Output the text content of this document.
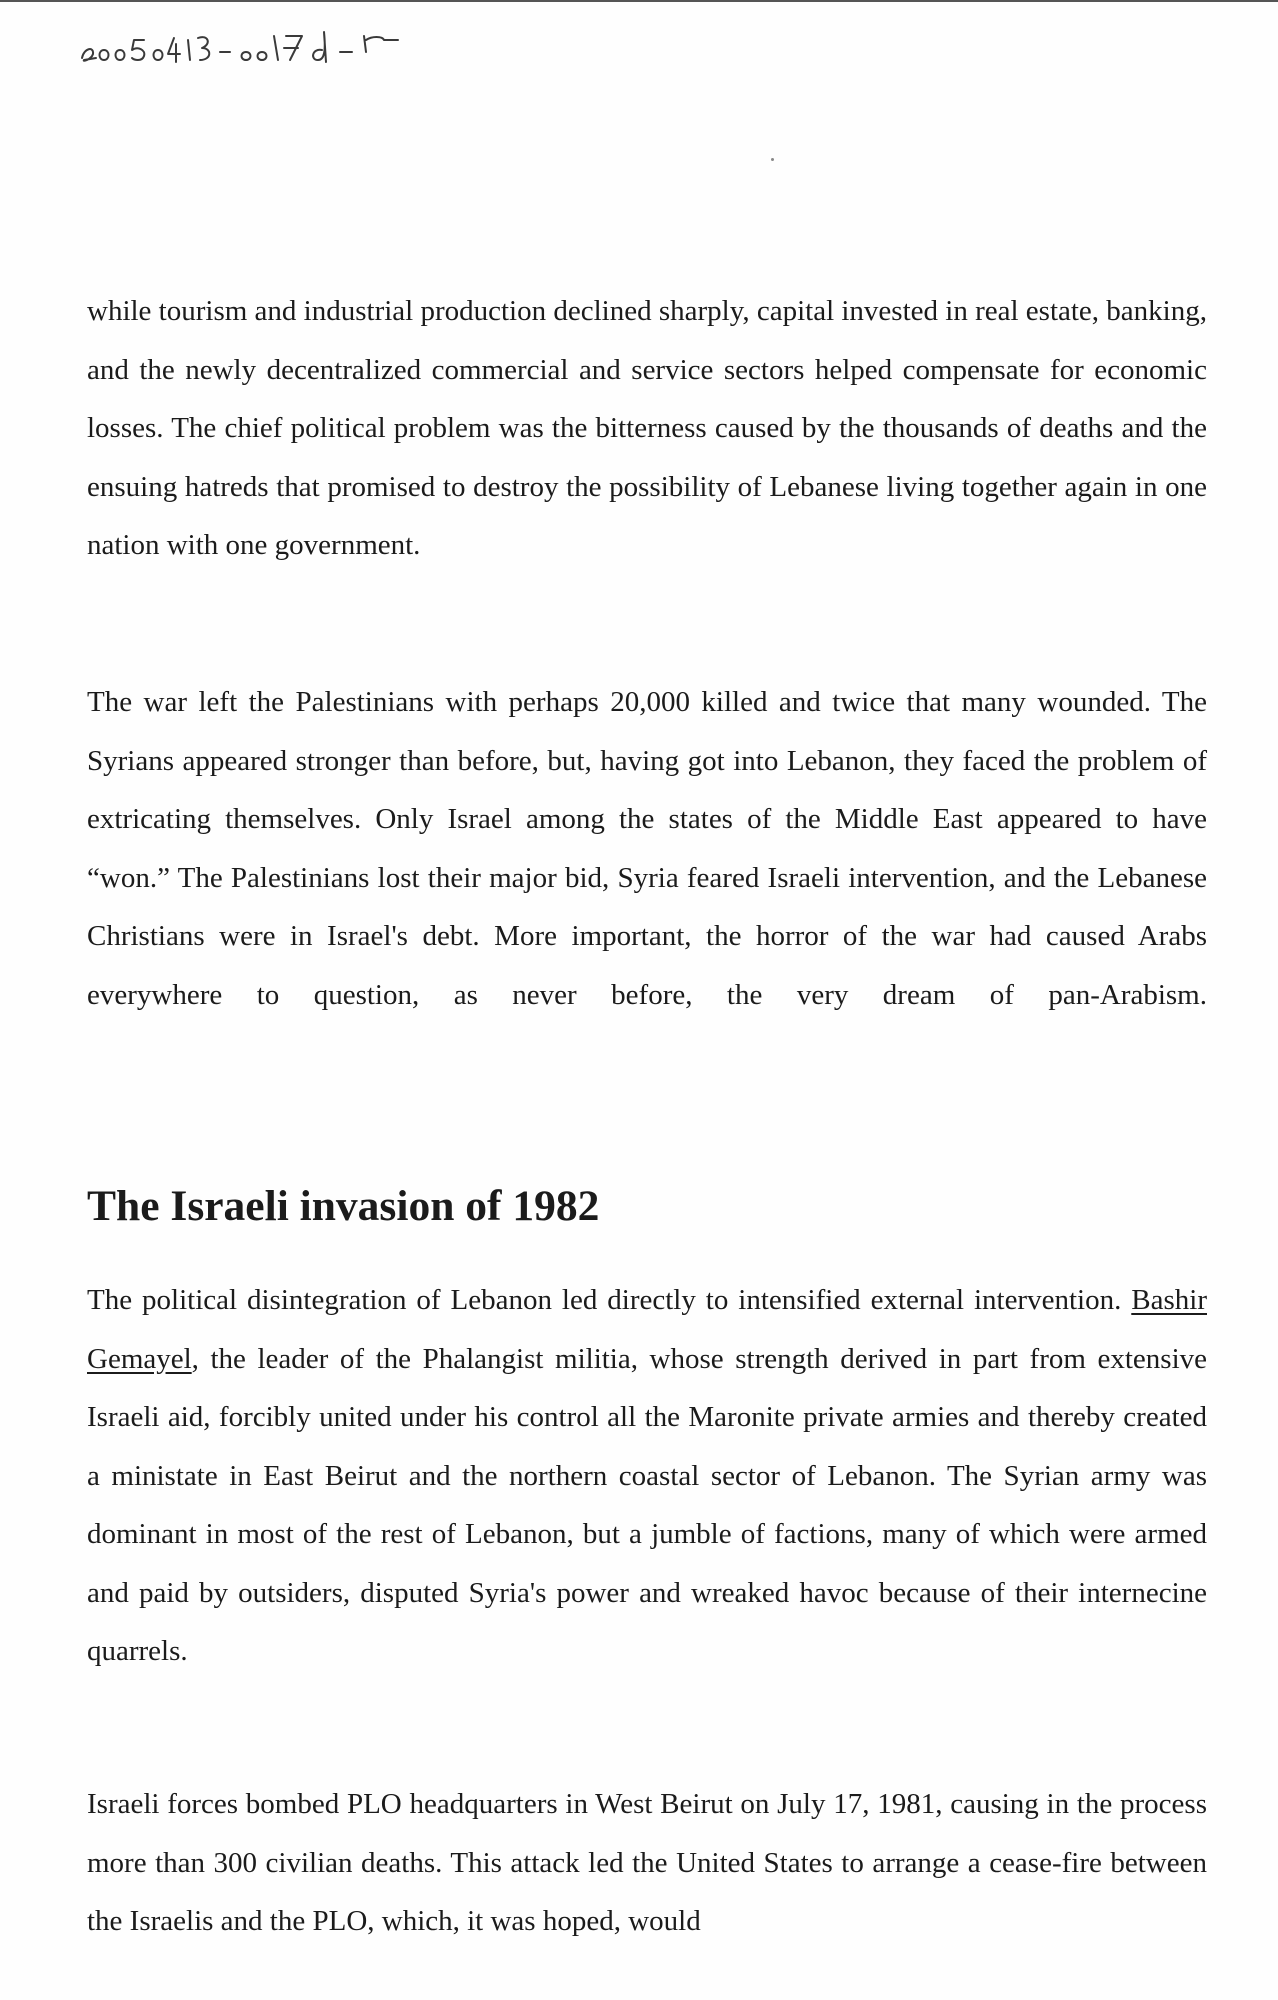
while tourism and industrial production declined sharply, capital invested in real estate, banking, and the newly decentralized commercial and service sectors helped compensate for economic losses. The chief political problem was the bitterness caused by the thousands of deaths and the ensuing hatreds that promised to destroy the possibility of Lebanese living together again in one nation with one government.

The war left the Palestinians with perhaps 20,000 killed and twice that many wounded. The Syrians appeared stronger than before, but, having got into Lebanon, they faced the problem of extricating themselves. Only Israel among the states of the Middle East appeared to have “won.” The Palestinians lost their major bid, Syria feared Israeli intervention, and the Lebanese Christians were in Israel's debt. More important, the horror of the war had caused Arabs everywhere to question, as never before, the very dream of pan-Arabism.

The Israeli invasion of 1982

The political disintegration of Lebanon led directly to intensified external intervention. Bashir Gemayel, the leader of the Phalangist militia, whose strength derived in part from extensive Israeli aid, forcibly united under his control all the Maronite private armies and thereby created a ministate in East Beirut and the northern coastal sector of Lebanon. The Syrian army was dominant in most of the rest of Lebanon, but a jumble of factions, many of which were armed and paid by outsiders, disputed Syria's power and wreaked havoc because of their internecine quarrels.

Israeli forces bombed PLO headquarters in West Beirut on July 17, 1981, causing in the process more than 300 civilian deaths. This attack led the United States to arrange a cease-fire between the Israelis and the PLO, which, it was hoped, would
